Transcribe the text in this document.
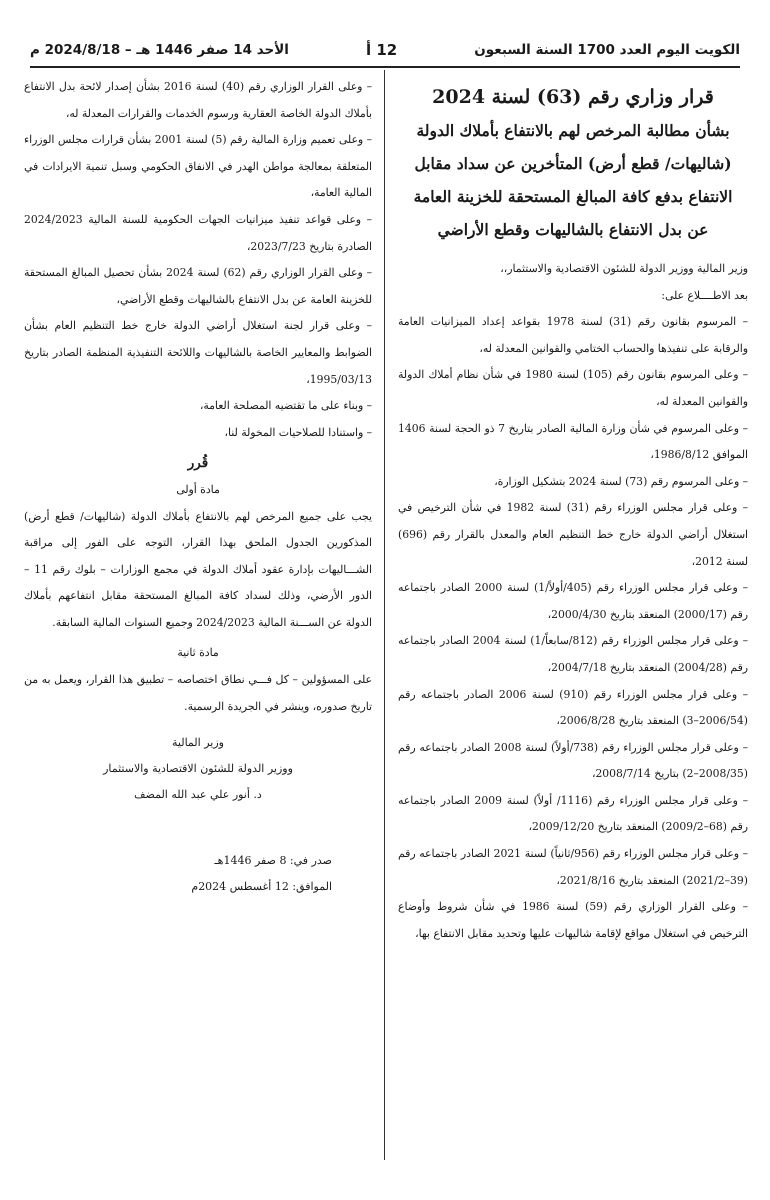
الكويت اليوم العدد 1700 السنة السبعون
12 أ
الأحد 14 صفر 1446 هـ – 2024/8/18 م
قرار وزاري رقم (63) لسنة 2024
بشأن مطالبة المرخص لهم بالانتفاع بأملاك الدولة
(شاليهات/ قطع أرض) المتأخرين عن سداد مقابل
الانتفاع بدفع كافة المبالغ المستحقة للخزينة العامة
عن بدل الانتفاع بالشاليهات وقطع الأراضي

وزير المالية ووزير الدولة للشئون الاقتصادية والاستثمار،،

بعد الاطــــلاع على:

– المرسوم بقانون رقم (31) لسنة 1978 بقواعد إعداد الميزانيات العامة والرقابة على تنفيذها والحساب الختامي والقوانين المعدلة له،

– وعلى المرسوم بقانون رقم (105) لسنة 1980 في شأن نظام أملاك الدولة والقوانين المعدلة له،

– وعلى المرسوم في شأن وزارة المالية الصادر بتاريخ 7 ذو الحجة لسنة 1406 الموافق 1986/8/12،

– وعلى المرسوم رقم (73) لسنة 2024 بتشكيل الوزارة،

– وعلى قرار مجلس الوزراء رقم (31) لسنة 1982 في شأن الترخيص في استغلال أراضي الدولة خارج خط التنظيم العام والمعدل بالقرار رقم (696) لسنة 2012،

– وعلى قرار مجلس الوزراء رقم (405/أولاً/1) لسنة 2000 الصادر باجتماعه رقم (2000/17) المنعقد بتاريخ 2000/4/30،

– وعلى قرار مجلس الوزراء رقم (812/سابعاً/1) لسنة 2004 الصادر باجتماعه رقم (2004/28) المنعقد بتاريخ 2004/7/18،

– وعلى قرار مجلس الوزراء رقم (910) لسنة 2006 الصادر باجتماعه رقم (2006/54–3) المنعقد بتاريخ 2006/8/28،

– وعلى قرار مجلس الوزراء رقم (738/أولاً) لسنة 2008 الصادر باجتماعه رقم (2008/35–2) بتاريخ 2008/7/14،

– وعلى قرار مجلس الوزراء رقم (1116/ أولاً) لسنة 2009 الصادر باجتماعه رقم (68–2009/2) المنعقد بتاريخ 2009/12/20،

– وعلى قرار مجلس الوزراء رقم (956/ثانياً) لسنة 2021 الصادر باجتماعه رقم (39–2021/2) المنعقد بتاريخ 2021/8/16،

– وعلى القرار الوزاري رقم (59) لسنة 1986 في شأن شروط وأوضاع الترخيص في استغلال مواقع لإقامة شاليهات عليها وتحديد مقابل الانتفاع بها،

– وعلى القرار الوزاري رقم (40) لسنة 2016 بشأن إصدار لائحة بدل الانتفاع بأملاك الدولة الخاصة العقارية ورسوم الخدمات والقرارات المعدلة له،

– وعلى تعميم وزارة المالية رقم (5) لسنة 2001 بشأن قرارات مجلس الوزراء المتعلقة بمعالجة مواطن الهدر في الانفاق الحكومي وسبل تنمية الايرادات في المالية العامة،

– وعلى قواعد تنفيذ ميزانيات الجهات الحكومية للسنة المالية 2024/2023 الصادرة بتاريخ 2023/7/23،

– وعلى القرار الوزاري رقم (62) لسنة 2024 بشأن تحصيل المبالغ المستحقة للخزينة العامة عن بدل الانتفاع بالشاليهات وقطع الأراضي،

– وعلى قرار لجنة استغلال أراضي الدولة خارج خط التنظيم العام بشأن الضوابط والمعايير الخاصة بالشاليهات واللائحة التنفيذية المنظمة الصادر بتاريخ 1995/03/13،

– وبناء على ما تقتضيه المصلحة العامة،

– واستنادا للصلاحيات المخولة لنا،

قُرر

مادة أولى

يجب على جميع المرخص لهم بالانتفاع بأملاك الدولة (شاليهات/ قطع أرض) المذكورين الجدول الملحق بهذا القرار، التوجه على الفور إلى مراقبة الشـــاليهات بإدارة عقود أملاك الدولة في مجمع الوزارات – بلوك رقم 11 – الدور الأرضي، وذلك لسداد كافة المبالغ المستحقة مقابل انتفاعهم بأملاك الدولة عن الســـنة المالية 2024/2023 وجميع السنوات المالية السابقة.

مادة ثانية

على المسؤولين – كل فـــي نطاق اختصاصه – تطبيق هذا القرار، ويعمل به من تاريخ صدوره، وينشر في الجريدة الرسمية.

وزير المالية
ووزير الدولة للشئون الاقتصادية والاستثمار
د. أنور علي عبد الله المضف
صدر في: 8 صفر 1446هـ
الموافق: 12 أغسطس 2024م
